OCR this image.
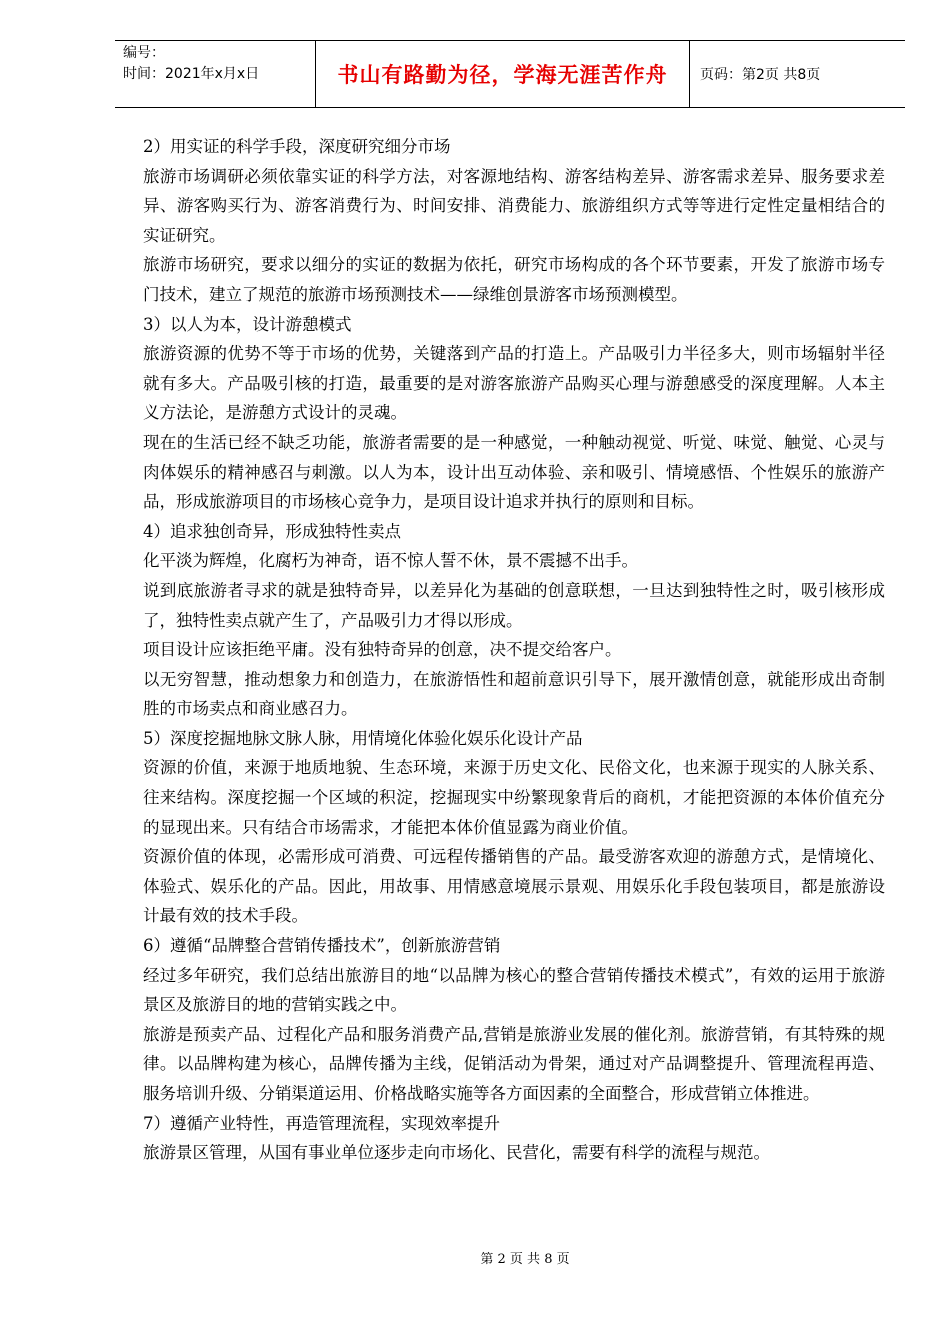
编号：
时间：2021年x月x日	书山有路勤为径，学海无涯苦作舟	页码：第2页 共8页

2）用实证的科学手段，深度研究细分市场

旅游市场调研必须依靠实证的科学方法，对客源地结构、游客结构差异、游客需求差异、服务要求差异、游客购买行为、游客消费行为、时间安排、消费能力、旅游组织方式等等进行定性定量相结合的实证研究。

旅游市场研究，要求以细分的实证的数据为依托，研究市场构成的各个环节要素，开发了旅游市场专门技术，建立了规范的旅游市场预测技术——绿维创景游客市场预测模型。

3）以人为本，设计游憩模式

旅游资源的优势不等于市场的优势，关键落到产品的打造上。产品吸引力半径多大，则市场辐射半径就有多大。产品吸引核的打造，最重要的是对游客旅游产品购买心理与游憩感受的深度理解。人本主义方法论，是游憩方式设计的灵魂。

现在的生活已经不缺乏功能，旅游者需要的是一种感觉，一种触动视觉、听觉、味觉、触觉、心灵与肉体娱乐的精神感召与刺激。以人为本，设计出互动体验、亲和吸引、情境感悟、个性娱乐的旅游产品，形成旅游项目的市场核心竞争力，是项目设计追求并执行的原则和目标。

4）追求独创奇异，形成独特性卖点

化平淡为辉煌，化腐朽为神奇，语不惊人誓不休，景不震撼不出手。

说到底旅游者寻求的就是独特奇异，以差异化为基础的创意联想，一旦达到独特性之时，吸引核形成了，独特性卖点就产生了，产品吸引力才得以形成。

项目设计应该拒绝平庸。没有独特奇异的创意，决不提交给客户。

以无穷智慧，推动想象力和创造力，在旅游悟性和超前意识引导下，展开激情创意，就能形成出奇制胜的市场卖点和商业感召力。

5）深度挖掘地脉文脉人脉，用情境化体验化娱乐化设计产品

资源的价值，来源于地质地貌、生态环境，来源于历史文化、民俗文化，也来源于现实的人脉关系、往来结构。深度挖掘一个区域的积淀，挖掘现实中纷繁现象背后的商机，才能把资源的本体价值充分的显现出来。只有结合市场需求，才能把本体价值显露为商业价值。

资源价值的体现，必需形成可消费、可远程传播销售的产品。最受游客欢迎的游憩方式，是情境化、体验式、娱乐化的产品。因此，用故事、用情感意境展示景观、用娱乐化手段包装项目，都是旅游设计最有效的技术手段。

6）遵循“品牌整合营销传播技术”，创新旅游营销

经过多年研究，我们总结出旅游目的地“以品牌为核心的整合营销传播技术模式”，有效的运用于旅游景区及旅游目的地的营销实践之中。

旅游是预卖产品、过程化产品和服务消费产品,营销是旅游业发展的催化剂。旅游营销，有其特殊的规律。以品牌构建为核心，品牌传播为主线，促销活动为骨架，通过对产品调整提升、管理流程再造、服务培训升级、分销渠道运用、价格战略实施等各方面因素的全面整合，形成营销立体推进。

7）遵循产业特性，再造管理流程，实现效率提升

旅游景区管理，从国有事业单位逐步走向市场化、民营化，需要有科学的流程与规范。

第 2 页 共 8 页
